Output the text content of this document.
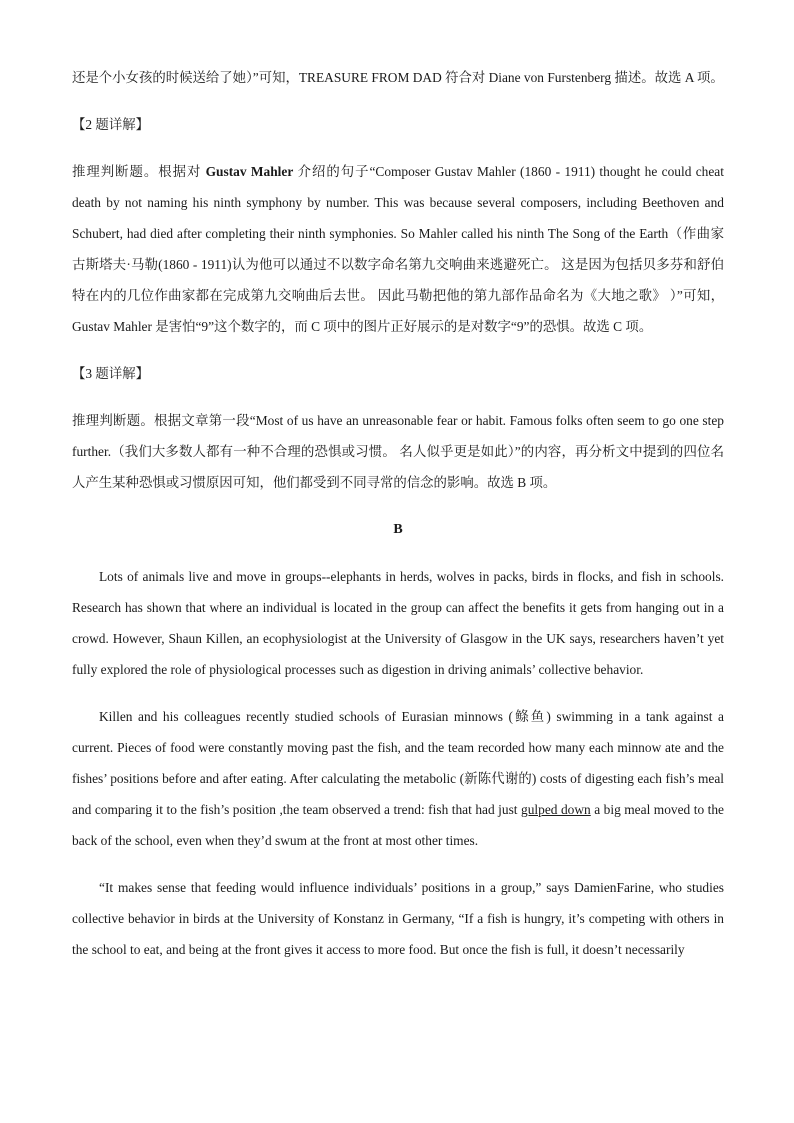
还是个小女孩的时候送给了她）”可知，TREASURE FROM DAD 符合对 Diane von Furstenberg 描述。故选 A 项。

【2 题详解】

推理判断题。根据对 Gustav Mahler 介绍的句子“Composer Gustav Mahler (1860 - 1911) thought he could cheat death by not naming his ninth symphony by number. This was because several composers, including Beethoven and Schubert, had died after completing their ninth symphonies. So Mahler called his ninth The Song of the Earth（作曲家古斯塔夫·马勒(1860 - 1911)认为他可以通过不以数字命名第九交响曲来逃避死亡。 这是因为包括贝多芬和舒伯特在内的几位作曲家都在完成第九交响曲后去世。 因此马勒把他的第九部作品命名为《大地之歌》 ）”可知，Gustav Mahler 是害怕“9”这个数字的，而 C 项中的图片正好展示的是对数字“9”的恐惧。故选 C 项。

【3 题详解】

推理判断题。根据文章第一段“Most of us have an unreasonable fear or habit. Famous folks often seem to go one step further.（我们大多数人都有一种不合理的恐惧或习惯。 名人似乎更是如此）”的内容，再分析文中提到的四位名人产生某种恐惧或习惯原因可知，他们都受到不同寻常的信念的影响。故选 B 项。

B

Lots of animals live and move in groups--elephants in herds, wolves in packs, birds in flocks, and fish in schools. Research has shown that where an individual is located in the group can affect the benefits it gets from hanging out in a crowd. However, Shaun Killen, an ecophysiologist at the University of Glasgow in the UK says, researchers haven’t yet fully explored the role of physiological processes such as digestion in driving animals’ collective behavior.

Killen and his colleagues recently studied schools of Eurasian minnows (鲦鱼) swimming in a tank against a current. Pieces of food were constantly moving past the fish, and the team recorded how many each minnow ate and the fishes’ positions before and after eating. After calculating the metabolic (新陈代谢的) costs of digesting each fish’s meal and comparing it to the fish’s position ,the team observed a trend: fish that had just gulped down a big meal moved to the back of the school, even when they’d swum at the front at most other times.

“It makes sense that feeding would influence individuals’ positions in a group,” says DamienFarine, who studies collective behavior in birds at the University of Konstanz in Germany, “If a fish is hungry, it’s competing with others in the school to eat, and being at the front gives it access to more food. But once the fish is full, it doesn’t necessarily
